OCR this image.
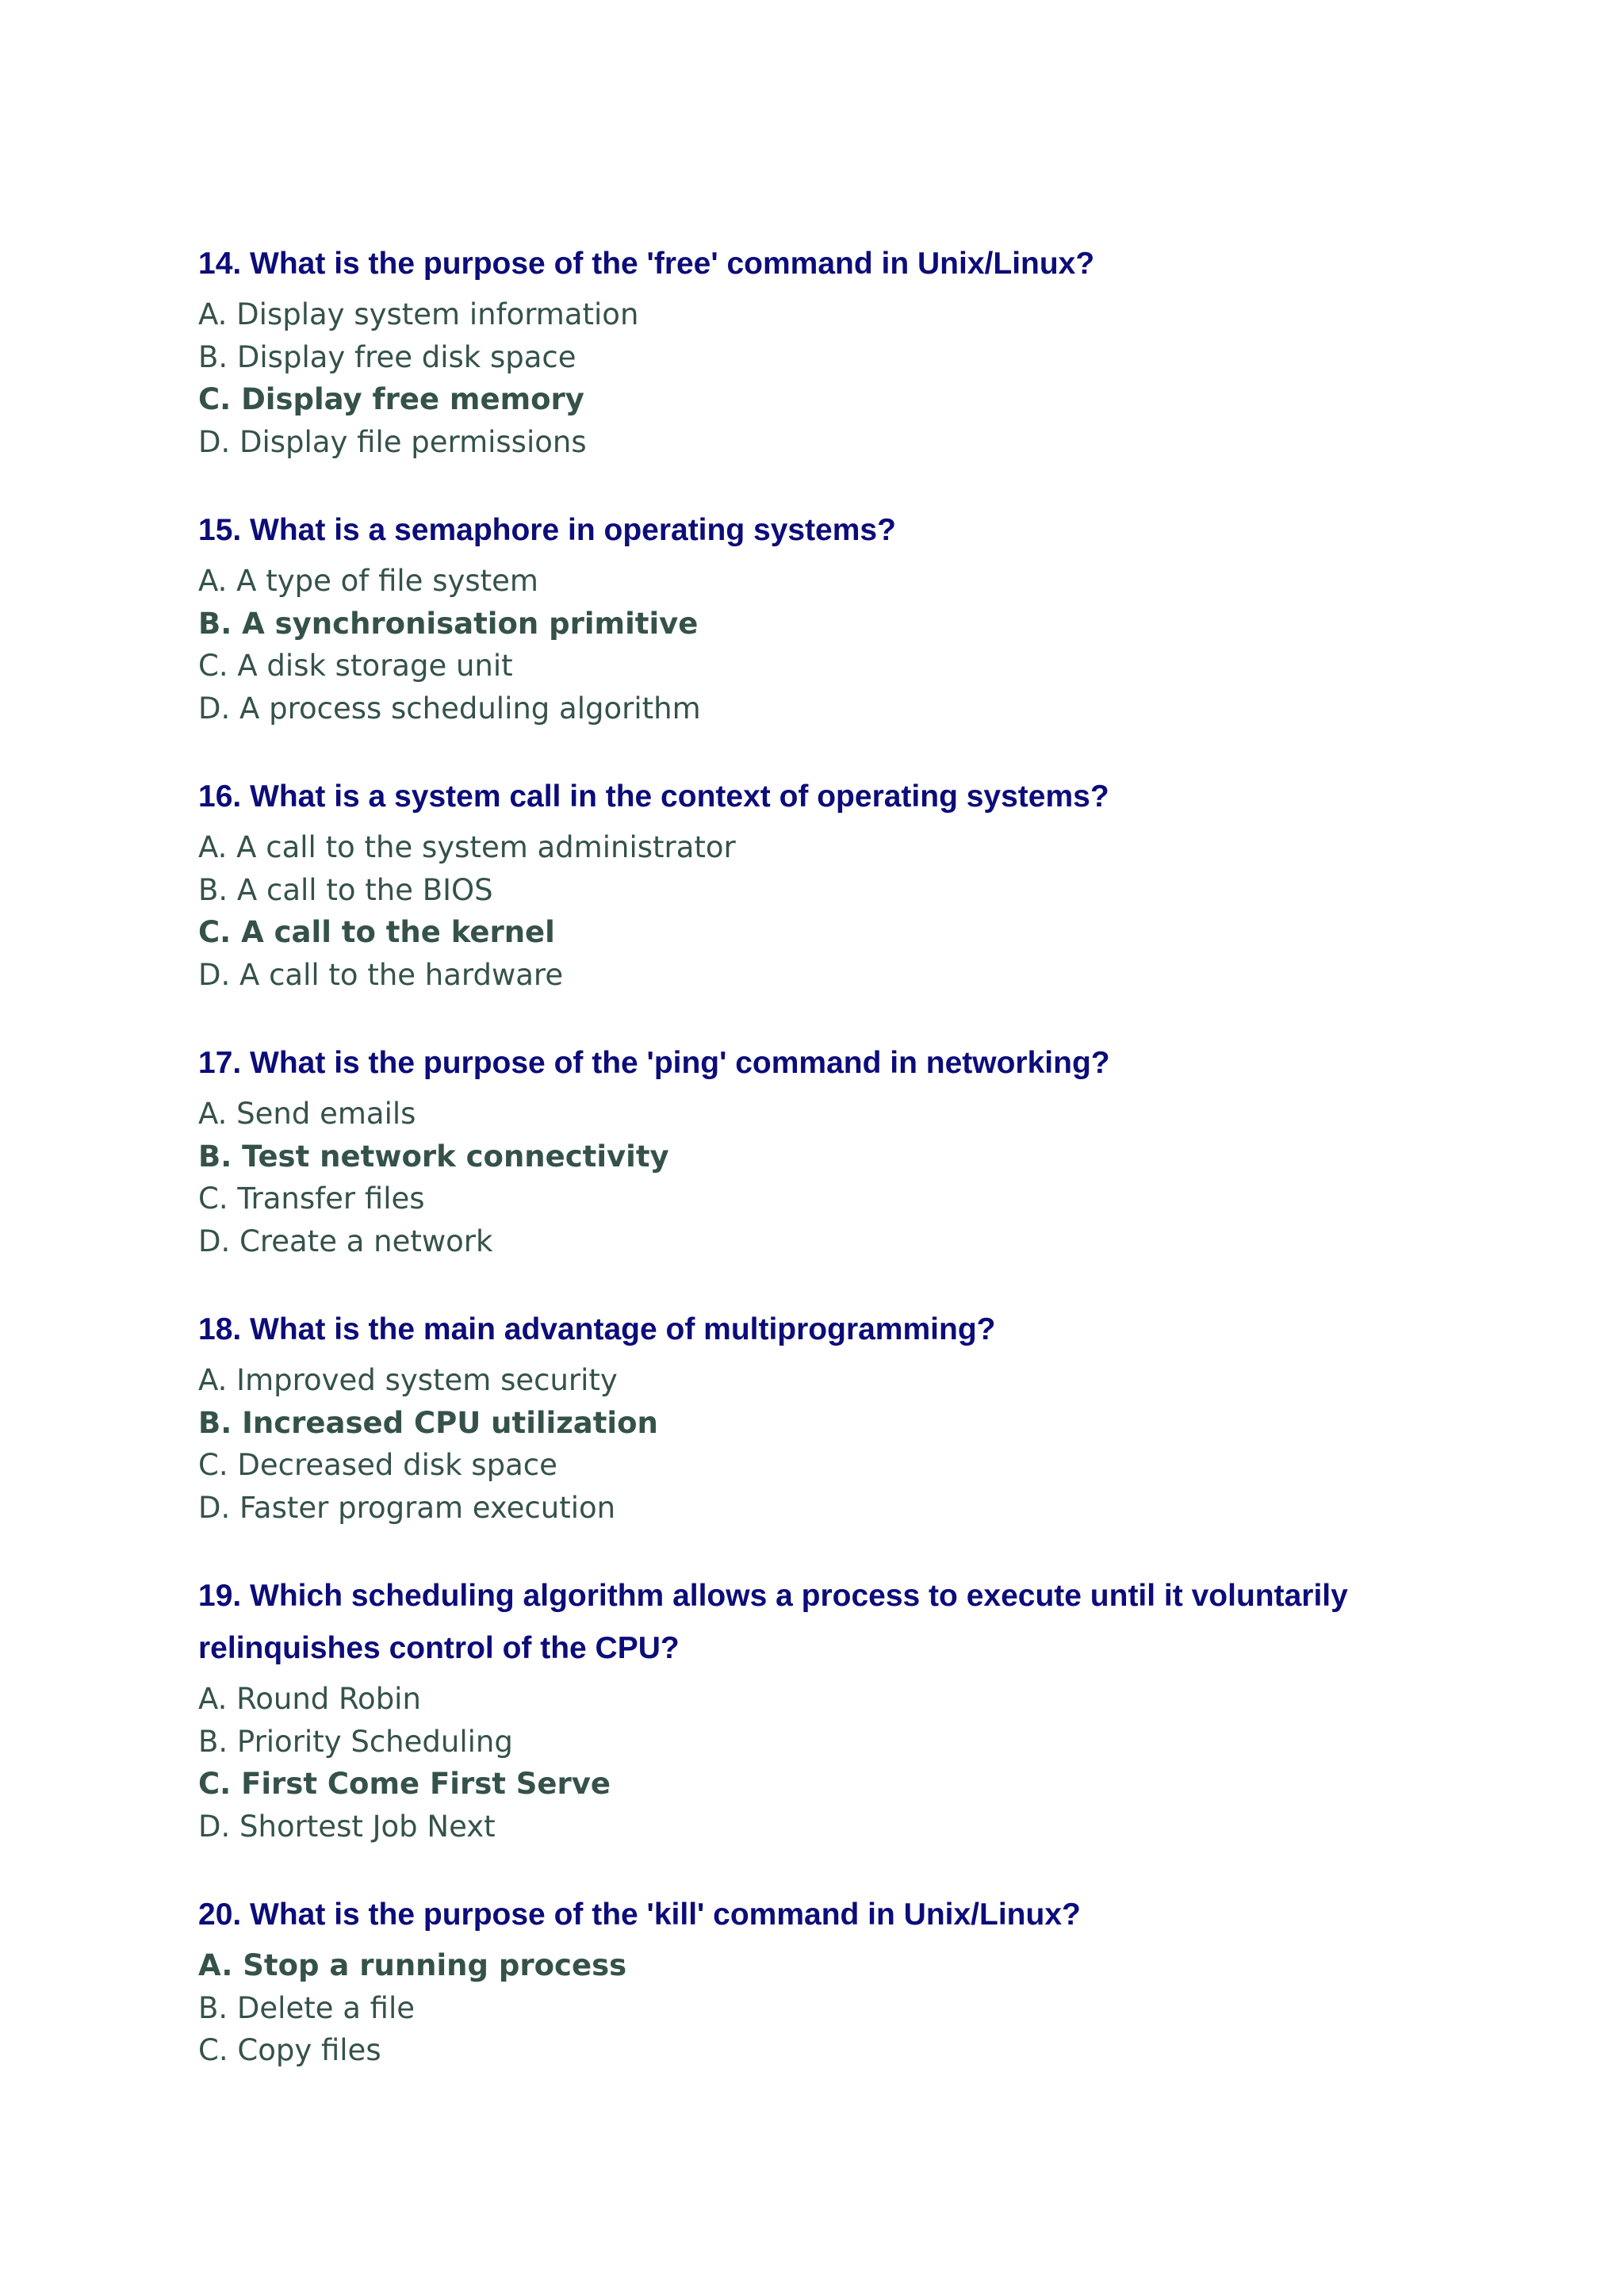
14. What is the purpose of the 'free' command in Unix/Linux?

A. Display system information

B. Display free disk space

C. Display free memory

D. Display file permissions

15. What is a semaphore in operating systems?

A. A type of file system

B. A synchronisation primitive

C. A disk storage unit

D. A process scheduling algorithm

16. What is a system call in the context of operating systems?

A. A call to the system administrator

B. A call to the BIOS

C. A call to the kernel

D. A call to the hardware

17. What is the purpose of the 'ping' command in networking?

A. Send emails

B. Test network connectivity

C. Transfer files

D. Create a network

18. What is the main advantage of multiprogramming?

A. Improved system security

B. Increased CPU utilization

C. Decreased disk space

D. Faster program execution

19. Which scheduling algorithm allows a process to execute until it voluntarily relinquishes control of the CPU?

A. Round Robin

B. Priority Scheduling

C. First Come First Serve

D. Shortest Job Next

20. What is the purpose of the 'kill' command in Unix/Linux?

A. Stop a running process

B. Delete a file

C. Copy files
